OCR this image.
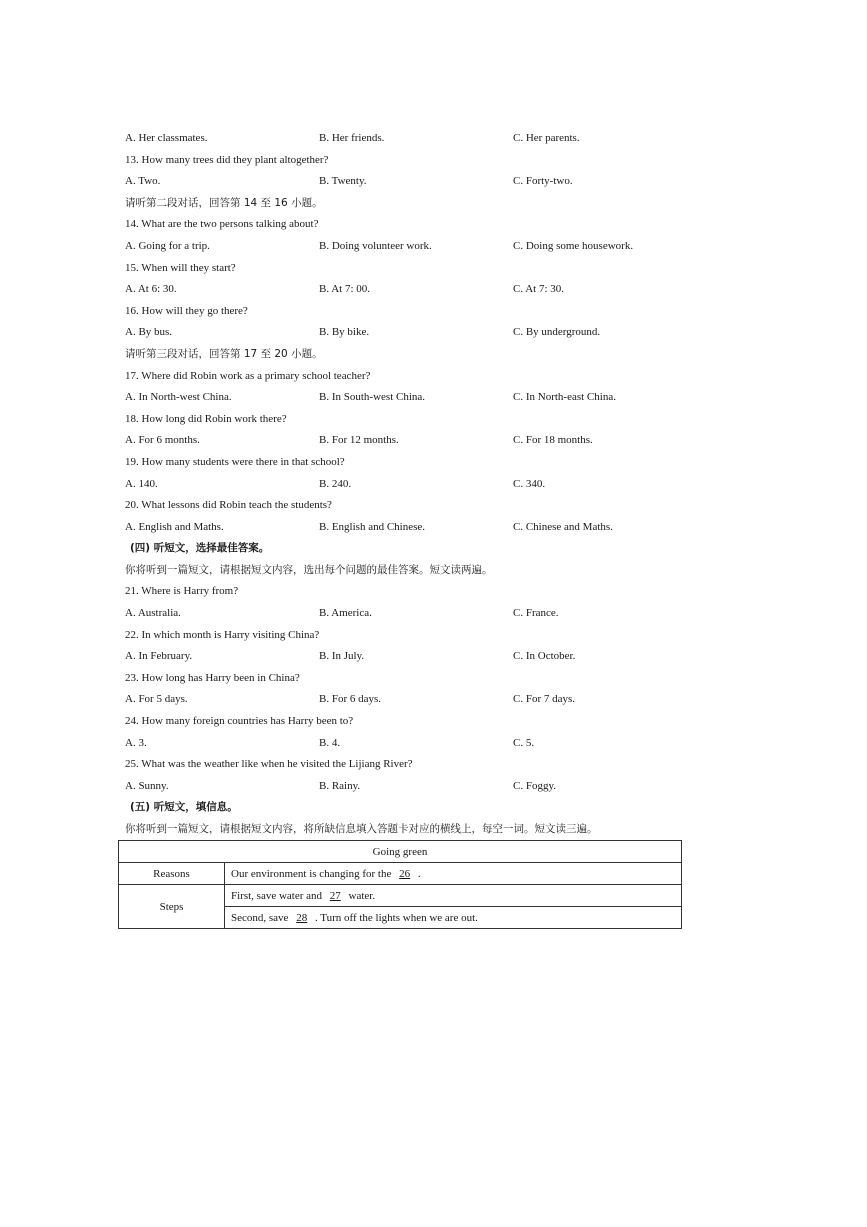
A. Her classmates.	B. Her friends.	C. Her parents.
13. How many trees did they plant altogether?
A. Two.	B. Twenty.	C. Forty-two.
请听第二段对话，回答第 14 至 16 小题。
14. What are the two persons talking about?
A. Going for a trip.	B. Doing volunteer work.	C. Doing some housework.
15. When will they start?
A. At 6: 30.	B. At 7: 00.	C. At 7: 30.
16. How will they go there?
A. By bus.	B. By bike.	C. By underground.
请听第三段对话，回答第 17 至 20 小题。
17. Where did Robin work as a primary school teacher?
A. In North-west China.	B. In South-west China.	C. In North-east China.
18. How long did Robin work there?
A. For 6 months.	B. For 12 months.	C. For 18 months.
19. How many students were there in that school?
A. 140.	B. 240.	C. 340.
20. What lessons did Robin teach the students?
A. English and Maths.	B. English and Chinese.	C. Chinese and Maths.
(四) 听短文，选择最佳答案。
你将听到一篇短文，请根据短文内容，选出每个问题的最佳答案。短文读两遍。
21. Where is Harry from?
A. Australia.	B. America.	C. France.
22. In which month is Harry visiting China?
A. In February.	B. In July.	C. In October.
23. How long has Harry been in China?
A. For 5 days.	B. For 6 days.	C. For 7 days.
24. How many foreign countries has Harry been to?
A. 3.	B. 4.	C. 5.
25. What was the weather like when he visited the Lijiang River?
A. Sunny.	B. Rainy.	C. Foggy.
(五) 听短文，填信息。
你将听到一篇短文，请根据短文内容，将所缺信息填入答题卡对应的横线上，每空一词。短文读三遍。
Going green	
Reasons	Our environment is changing for the 26 .
Steps	First, save water and 27 water.
	Second, save 28 . Turn off the lights when we are out.
